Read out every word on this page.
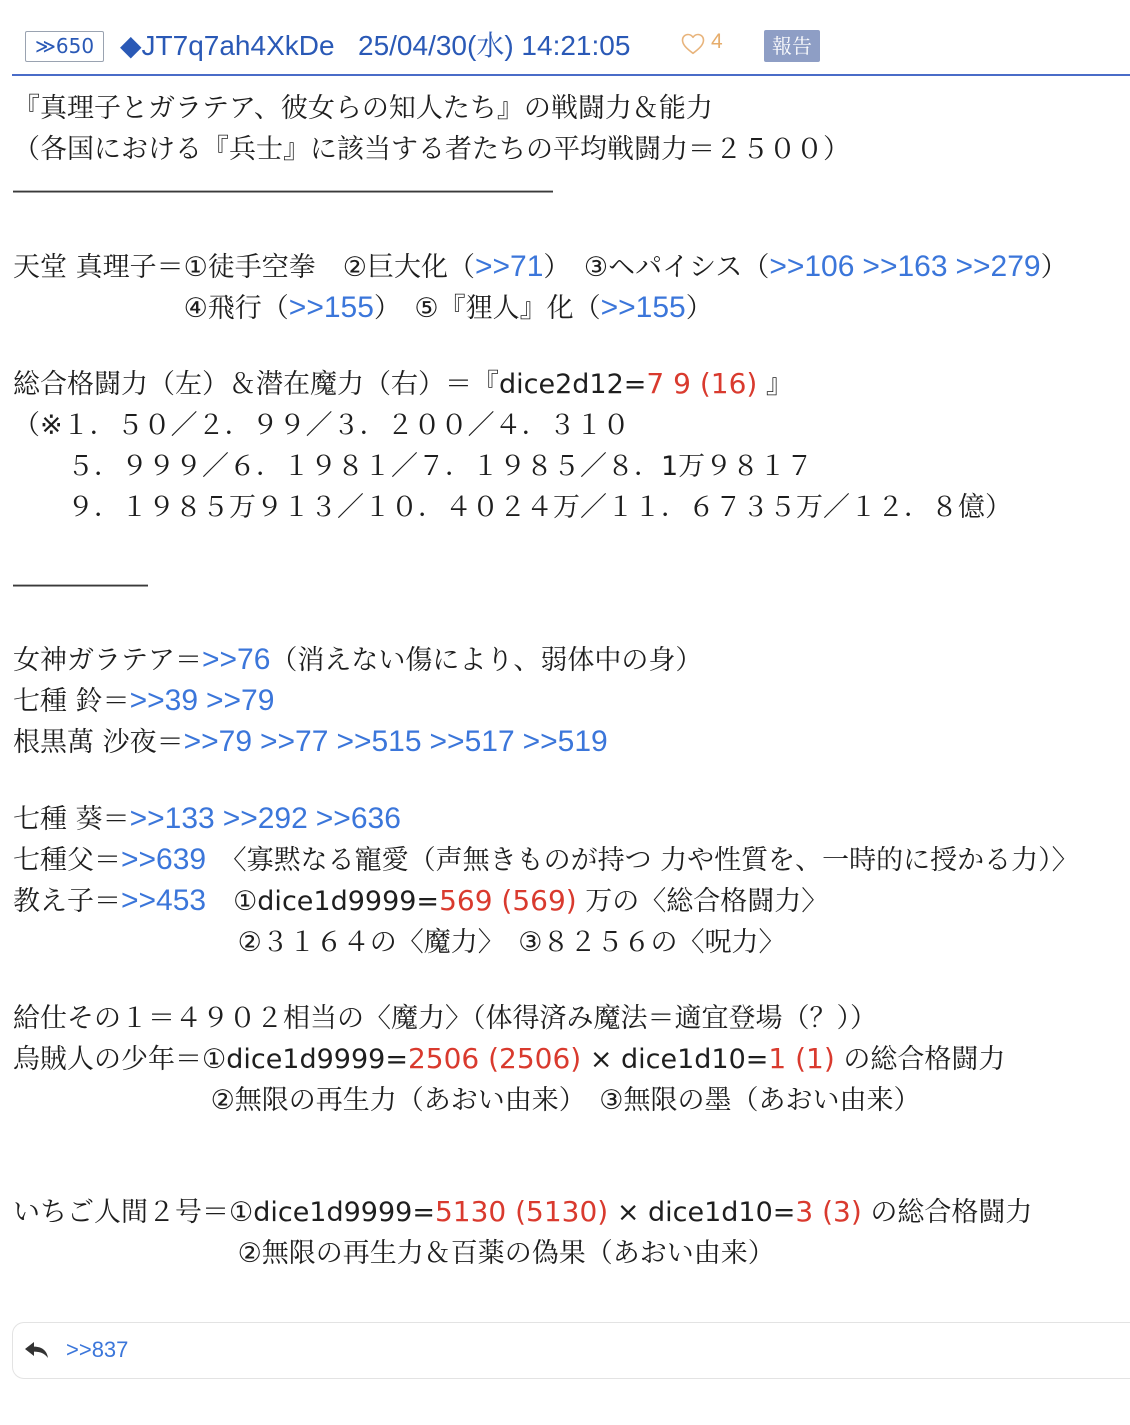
≫650 ◆JT7q7ah4XkDe 25/04/30(水) 14:21:05	4	報告
『真理子とガラテア、彼女らの知人たち』の戦闘力＆能力
（各国における『兵士』に該当する者たちの平均戦闘力＝２５００）
――――――――――――――――――――
天堂 真理子＝①徒手空拳　②巨大化（>>71）　③ヘパイシス（>>106 >>163 >>279）
　　　　　　 ④飛行（>>155）　⑤『狸人』化（>>155）
総合格闘力（左）＆潜在魔力（右）＝『dice2d12=7 9 (16) 』
（※１．５０／２．９９／３．２００／４．３１０
　　５．９９９／６．１９８１／７．１９８５／８．1万９８１７
　　９．１９８５万９１３／１０．４０２４万／１１．６７３５万／１２．８億）
―――――
女神ガラテア＝>>76（消えない傷により、弱体中の身）
七種 鈴＝>>39 >>79
根黒萬 沙夜＝>>79 >>77 >>515 >>517 >>519
七種 葵＝>>133 >>292 >>636
七種父＝>>639　〈寡黙なる寵愛（声無きものが持つ 力や性質を、一時的に授かる力）〉
教え子＝>>453　①dice1d9999=569 (569) 万の〈総合格闘力〉
　　　　　　　　 ②３１６４の〈魔力〉　③８２５６の〈呪力〉
給仕その１＝４９０２相当の〈魔力〉（体得済み魔法＝適宜登場（？））
烏賊人の少年＝①dice1d9999=2506 (2506) × dice1d10=1 (1) の総合格闘力
　　　　　　　 ②無限の再生力（あおい由来）　③無限の墨（あおい由来）
いちご人間２号＝①dice1d9999=5130 (5130) × dice1d10=3 (3) の総合格闘力
　　　　　　　　 ②無限の再生力＆百薬の偽果（あおい由来）
>>837
